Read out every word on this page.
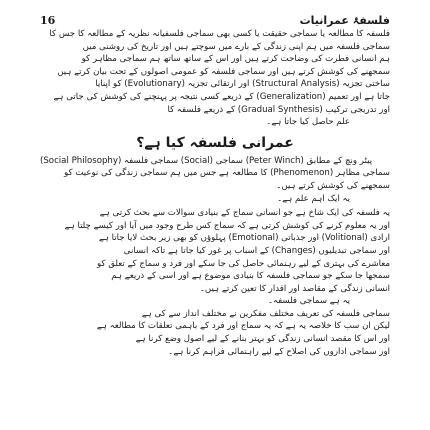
16	فلسفۂ عمرانیات
فلسفہ کا مطالعہ یا سماجی حقیقت یا کسی بھی سماجی فلسفیانہ نظریہ کے مطالعہ کا جس کا
سماجی فلسفہ میں ہم اپنی زندگی کے بارے میں سوچتے ہیں اور تاریخ کی روشنی میں
ہم انسانی فطرت کی وضاحت کرتے ہیں اور اس کے ساتھ ساتھ ہم سماجی مظاہر کو
سمجھنے کی کوشش کرتے ہیں اور سماجی فلسفہ کو عمومی اصولوں کے تحت بیان کرتے ہیں
ساختی تجزیہ (Structural Analysis) اور ارتقائی تجزیہ (Evolutionary) کو اپنایا
جاتا ہے اور تعمیم (Generalization) کے ذریعے کسی نتیجہ پر پہنچنے کی کوشش کی جاتی ہے
اور تدریجی ترکیب (Gradual Synthesis) کے ذریعے فلسفہ کا
علم حاصل کیا جاتا ہے۔
عمرانی فلسفہ کیا ہے؟
(Social Philosophy) سماجی فلسفہ (Social) سماجی (Peter Winch) پیٹر ونچ کے مطابق
سماجی مظاہر (Phenomenon) کا مطالعہ ہے جس میں ہم سماجی زندگی کی نوعیت کو
سمجھنے کی کوشش کرتے ہیں۔
یہ ایک اہم علم ہے۔
یہ فلسفہ کی ایک شاخ ہے جو انسانی سماج کے بنیادی سوالات سے بحث کرتی ہے
اور یہ معلوم کرنے کی کوشش کرتی ہے کہ سماج کس طرح وجود میں آیا اور کیسے چلتا ہے
ارادی (Volitional) اور جذباتی (Emotional) پہلوؤں کو بھی زیر بحث لایا جاتا ہے
اور سماجی تبدیلیوں (Changes) کے اسباب پر غور کیا جاتا ہے تاکہ انسانی
معاشرے کی بہتری کے لیے رہنمائی حاصل کی جا سکے اور فرد و سماج کے تعلق کو
سمجھا جا سکے جو سماجی فلسفہ کا بنیادی موضوع ہے اور اسی کے ذریعے ہم
انسانی زندگی کے مقاصد اور اقدار کا تعین کرتے ہیں۔
یہ ہے سماجی فلسفہ۔
سماجی فلسفہ کی تعریف مختلف مفکرین نے مختلف انداز سے کی ہے
لیکن ان سب کا خلاصہ یہ ہے کہ یہ سماج اور فرد کے باہمی تعلقات کا مطالعہ ہے
اور اس کا مقصد انسانی زندگی کو بہتر بنانے کے لیے اصول وضع کرنا ہے
اور سماجی اداروں کی اصلاح کے لیے راہنمائی فراہم کرنا ہے۔
